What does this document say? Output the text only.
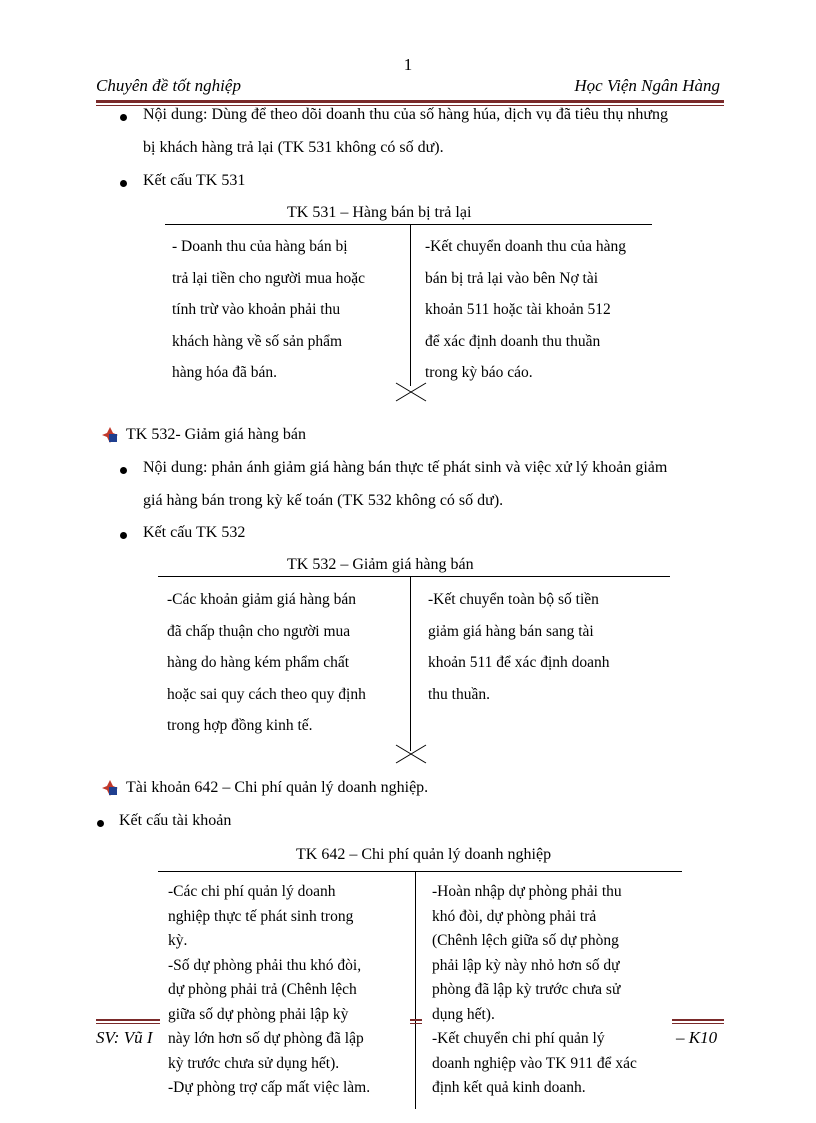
1
Chuyên đề tốt nghiệp	Học Viện Ngân Hàng
Nội dung: Dùng để theo dõi doanh thu của số hàng húa, dịch vụ đã tiêu thụ nhưng
bị khách hàng trả lại (TK 531 không có số dư).
Kết cấu TK 531
TK 531 – Hàng bán bị trả lại
- Doanh thu của hàng bán bị
trả lại tiền cho người mua hoặc
tính trừ vào khoản phải thu
khách hàng về số sản phẩm
hàng hóa đã bán.
-Kết chuyển doanh thu của hàng
bán bị trả lại vào bên Nợ tài
khoản 511 hoặc tài khoản 512
để xác định doanh thu thuần
trong kỳ báo cáo.
TK 532- Giảm giá hàng bán
Nội dung: phản ánh giảm giá hàng bán thực tế phát sinh và việc xử lý khoản giảm
giá hàng bán trong kỳ kế toán (TK 532 không có số dư).
Kết cấu TK 532
TK 532 – Giảm giá hàng bán
-Các khoản giảm giá hàng bán
đã chấp thuận cho người mua
hàng do hàng kém phẩm chất
hoặc sai quy cách theo quy định
trong hợp đồng kinh tế.
-Kết chuyển toàn bộ số tiền
giảm giá hàng bán sang tài
khoản 511 để xác định doanh
thu thuần.
Tài khoản 642 – Chi phí quản lý doanh nghiệp.
Kết cấu tài khoản
TK 642 – Chi phí quản lý doanh nghiệp
-Các chi phí quản lý doanh
nghiệp thực tế phát sinh trong
kỳ.
-Số dự phòng phải thu khó đòi,
dự phòng phải trả (Chênh lệch
giữa số dự phòng phải lập kỳ
này lớn hơn số dự phòng đã lập
kỳ trước chưa sử dụng hết).
-Dự phòng trợ cấp mất việc làm.
-Hoàn nhập dự phòng phải thu
khó đòi, dự phòng phải trả
(Chênh lệch giữa số dự phòng
phải lập kỳ này nhỏ hơn số dự
phòng đã lập kỳ trước chưa sử
dụng hết).
-Kết chuyển chi phí quản lý
doanh nghiệp vào TK 911 để xác
định kết quả kinh doanh.
SV: Vũ I	– K10
